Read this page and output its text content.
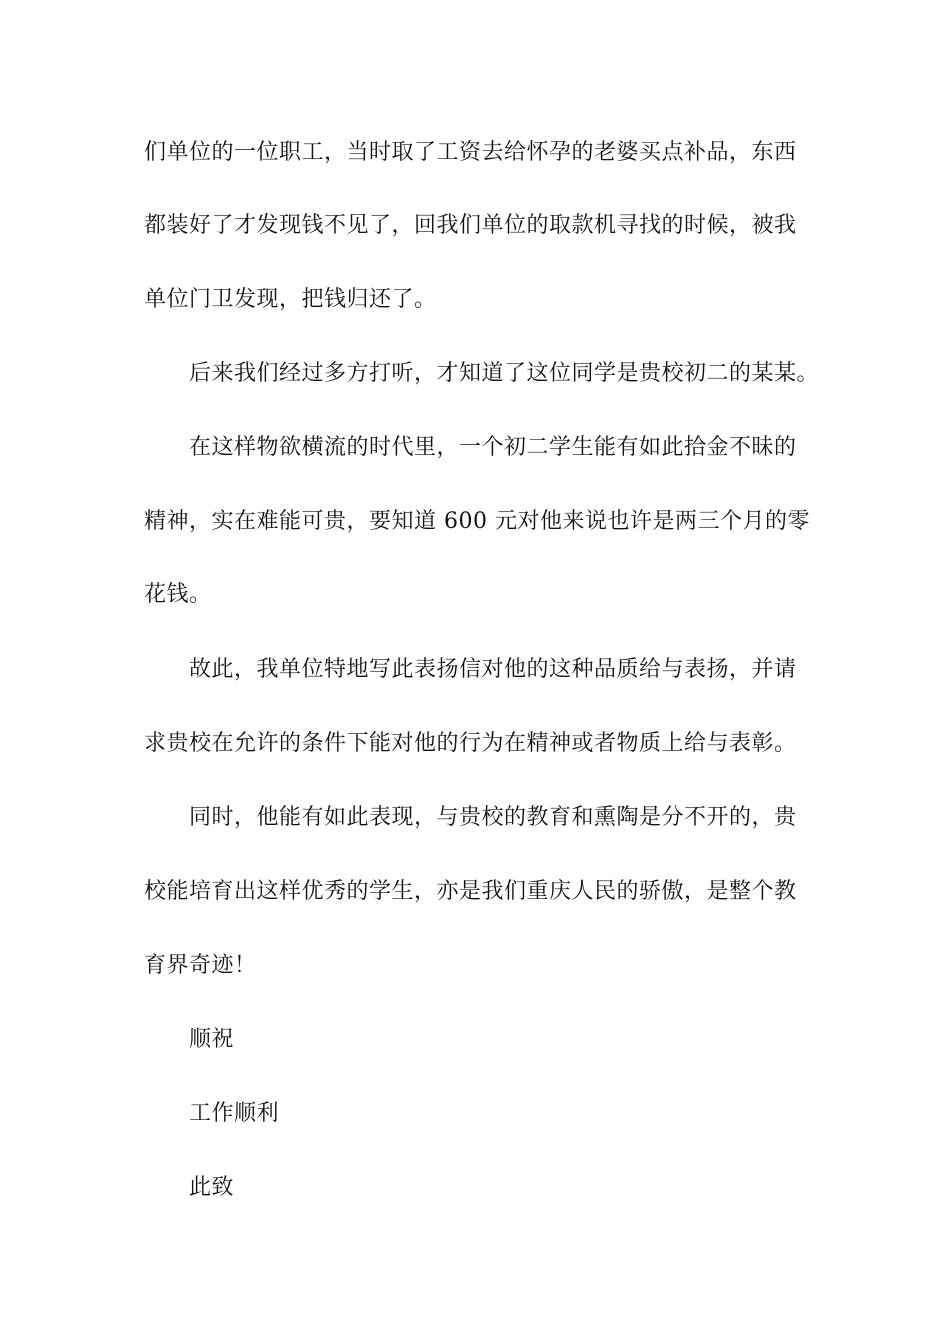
们单位的一位职工，当时取了工资去给怀孕的老婆买点补品，东西
都装好了才发现钱不见了，回我们单位的取款机寻找的时候，被我
单位门卫发现，把钱归还了。
后来我们经过多方打听，才知道了这位同学是贵校初二的某某。
在这样物欲横流的时代里，一个初二学生能有如此拾金不昧的
精神，实在难能可贵，要知道 600 元对他来说也许是两三个月的零
花钱。
故此，我单位特地写此表扬信对他的这种品质给与表扬，并请
求贵校在允许的条件下能对他的行为在精神或者物质上给与表彰。
同时，他能有如此表现，与贵校的教育和熏陶是分不开的，贵
校能培育出这样优秀的学生，亦是我们重庆人民的骄傲，是整个教
育界奇迹！
顺祝
工作顺利
此致
